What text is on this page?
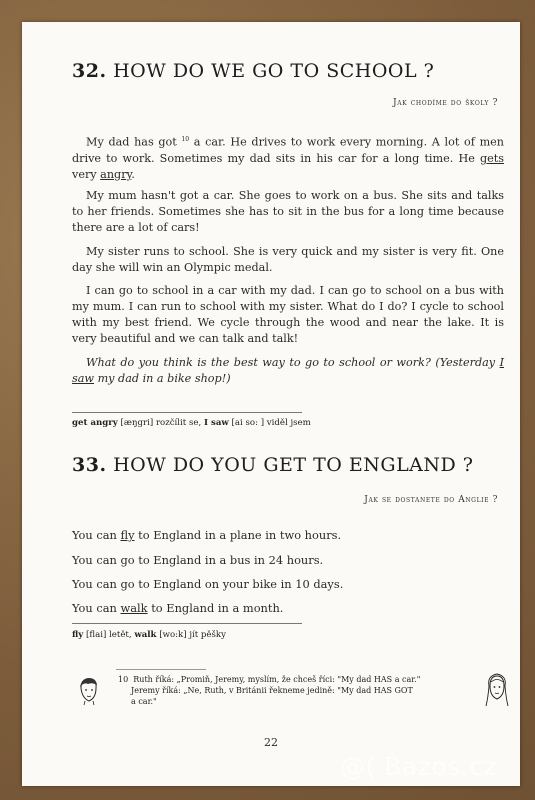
32. HOW DO WE GO TO SCHOOL ?
Jak chodíme do školy ?

My dad has got $^{10}$ a car. He drives to work every morning. A lot of men drive to work. Sometimes my dad sits in his car for a long time. He gets very angry.

My mum hasn't got a car. She goes to work on a bus. She sits and talks to her friends. Sometimes she has to sit in the bus for a long time because there are a lot of cars!

My sister runs to school. She is very quick and my sister is very fit. One day she will win an Olympic medal.

I can go to school in a car with my dad. I can go to school on a bus with my mum. I can run to school with my sister. What do I do? I cycle to school with my best friend. We cycle through the wood and near the lake. It is very beautiful and we can talk and talk!

What do you think is the best way to go to school or work? (Yesterday I saw my dad in a bike shop!)

get angry [æŋgri] rozčílit se, I saw [ai so: ] viděl jsem
33. HOW DO YOU GET TO ENGLAND ?
Jak se dostanete do Anglie ?
You can fly to England in a plane in two hours.
You can go to England in a bus in 24 hours.
You can go to England on your bike in 10 days.
You can walk to England in a month.
fly [flai] letět, walk [wo:k] jít pěšky
10 Ruth říká: „Promiň, Jeremy, myslím, že chceš říci: "My dad HAS a car."
Jeremy říká: „Ne, Ruth, v Británii řekneme jedině: "My dad HAS GOT
a car."
22
@( Bazos.cz
